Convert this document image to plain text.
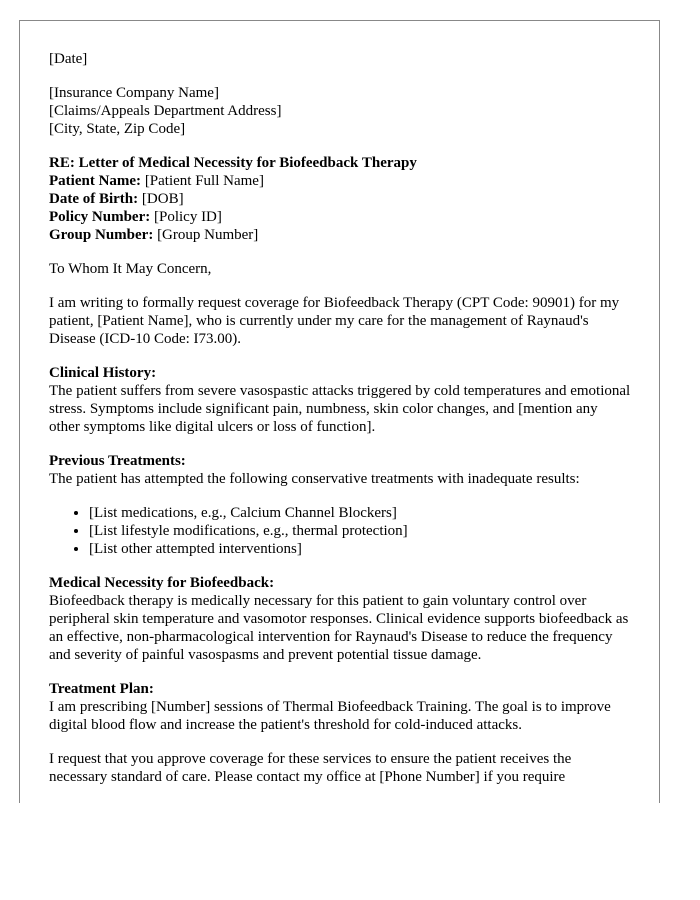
[Date]

[Insurance Company Name]
[Claims/Appeals Department Address]
[City, State, Zip Code]
RE: Letter of Medical Necessity for Biofeedback Therapy
Patient Name: [Patient Full Name]
Date of Birth: [DOB]
Policy Number: [Policy ID]
Group Number: [Group Number]

To Whom It May Concern,

I am writing to formally request coverage for Biofeedback Therapy (CPT Code: 90901) for my patient, [Patient Name], who is currently under my care for the management of Raynaud's Disease (ICD-10 Code: I73.00).

Clinical History:
The patient suffers from severe vasospastic attacks triggered by cold temperatures and emotional stress. Symptoms include significant pain, numbness, skin color changes, and [mention any other symptoms like digital ulcers or loss of function].
Previous Treatments:

The patient has attempted the following conservative treatments with inadequate results:

• [List medications, e.g., Calcium Channel Blockers]
• [List lifestyle modifications, e.g., thermal protection]
• [List other attempted interventions]
Medical Necessity for Biofeedback:
Biofeedback therapy is medically necessary for this patient to gain voluntary control over peripheral skin temperature and vasomotor responses. Clinical evidence supports biofeedback as an effective, non-pharmacological intervention for Raynaud's Disease to reduce the frequency and severity of painful vasospasms and prevent potential tissue damage.
Treatment Plan:
I am prescribing [Number] sessions of Thermal Biofeedback Training. The goal is to improve digital blood flow and increase the patient's threshold for cold-induced attacks.

I request that you approve coverage for these services to ensure the patient receives the necessary standard of care. Please contact my office at [Phone Number] if you require
